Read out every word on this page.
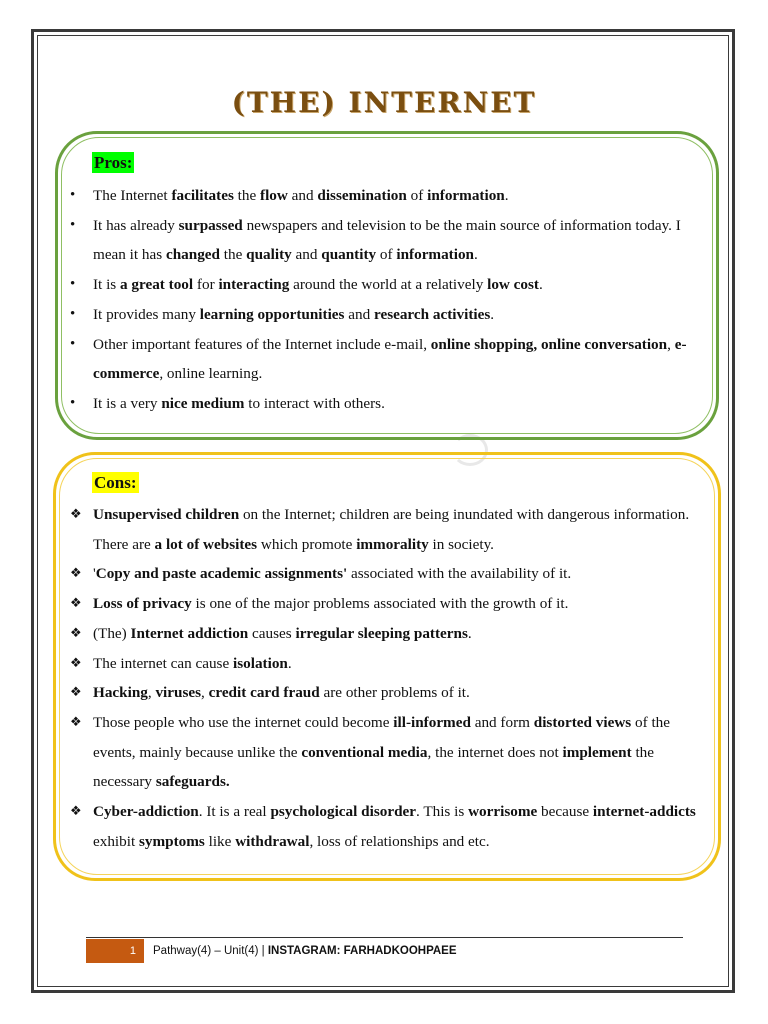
(THE) INTERNET
Pros:
• The Internet facilitates the flow and dissemination of information.
• It has already surpassed newspapers and television to be the main source of information today. I mean it has changed the quality and quantity of information.
• It is a great tool for interacting around the world at a relatively low cost.
• It provides many learning opportunities and research activities.
• Other important features of the Internet include e-mail, online shopping, online conversation, e-commerce, online learning.
• It is a very nice medium to interact with others.
Cons:
❖ Unsupervised children on the Internet; children are being inundated with dangerous information. There are a lot of websites which promote immorality in society.
❖ 'Copy and paste academic assignments' associated with the availability of it.
❖ Loss of privacy is one of the major problems associated with the growth of it.
❖ (The) Internet addiction causes irregular sleeping patterns.
❖ The internet can cause isolation.
❖ Hacking, viruses, credit card fraud are other problems of it.
❖ Those people who use the internet could become ill-informed and form distorted views of the events, mainly because unlike the conventional media, the internet does not implement the necessary safeguards.
❖ Cyber-addiction. It is a real psychological disorder. This is worrisome because internet-addicts exhibit symptoms like withdrawal, loss of relationships and etc.
1	Pathway(4) – Unit(4) | INSTAGRAM: FARHADKOOHPAEE
